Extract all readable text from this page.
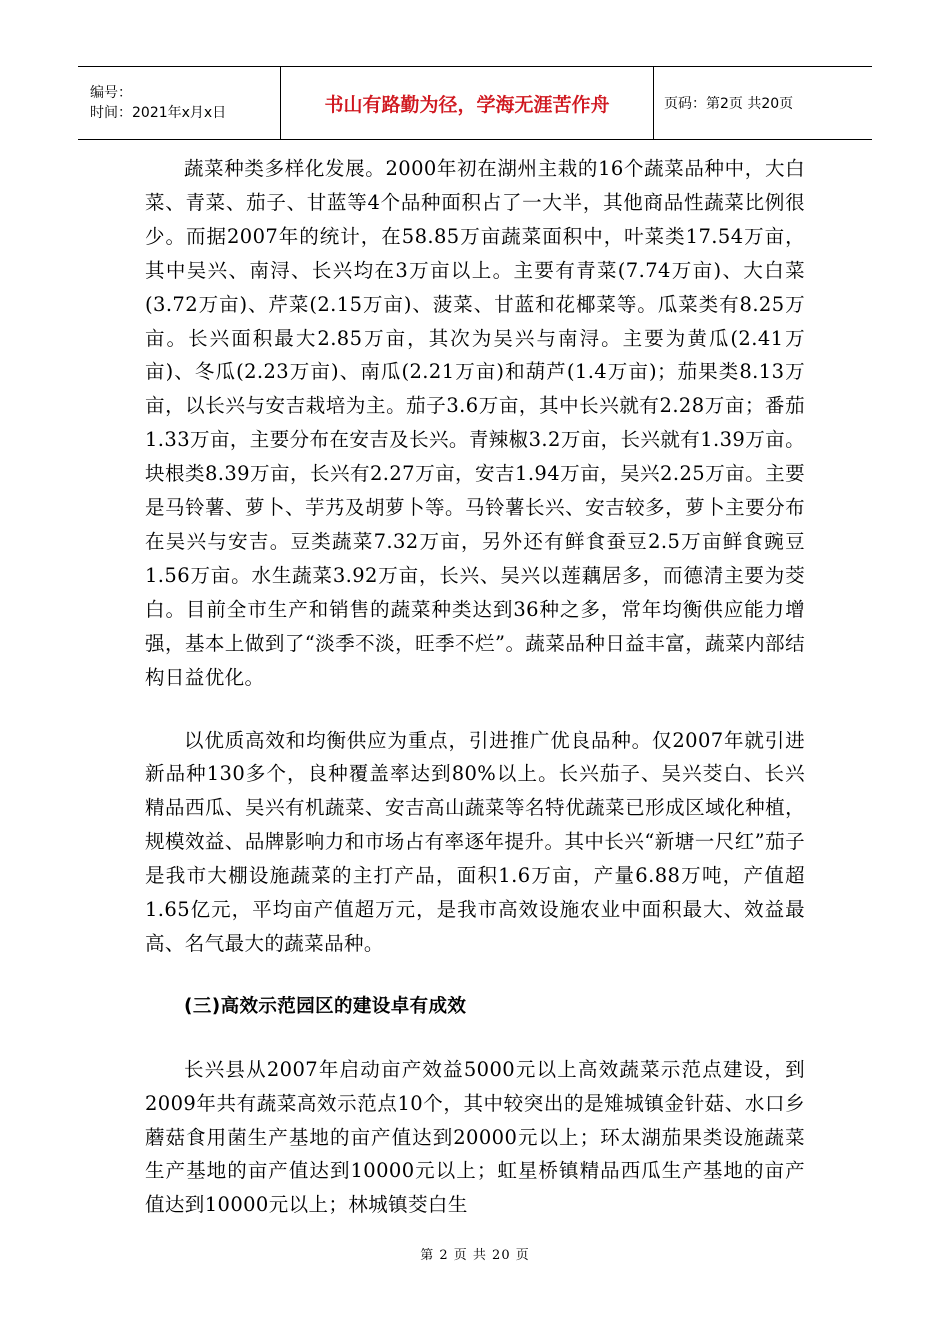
编号：
时间：2021年x月x日	书山有路勤为径，学海无涯苦作舟	页码：第2页 共20页

蔬菜种类多样化发展。2000年初在湖州主栽的16个蔬菜品种中，大白菜、青菜、茄子、甘蓝等4个品种面积占了一大半，其他商品性蔬菜比例很少。而据2007年的统计，在58.85万亩蔬菜面积中，叶菜类17.54万亩，其中吴兴、南浔、长兴均在3万亩以上。主要有青菜(7.74万亩)、大白菜(3.72万亩)、芹菜(2.15万亩)、菠菜、甘蓝和花椰菜等。瓜菜类有8.25万亩。长兴面积最大2.85万亩，其次为吴兴与南浔。主要为黄瓜(2.41万亩)、冬瓜(2.23万亩)、南瓜(2.21万亩)和葫芦(1.4万亩)；茄果类8.13万亩，以长兴与安吉栽培为主。茄子3.6万亩，其中长兴就有2.28万亩；番茄1.33万亩，主要分布在安吉及长兴。青辣椒3.2万亩，长兴就有1.39万亩。块根类8.39万亩，长兴有2.27万亩，安吉1.94万亩，吴兴2.25万亩。主要是马铃薯、萝卜、芋艿及胡萝卜等。马铃薯长兴、安吉较多，萝卜主要分布在吴兴与安吉。豆类蔬菜7.32万亩，另外还有鲜食蚕豆2.5万亩鲜食豌豆1.56万亩。水生蔬菜3.92万亩，长兴、吴兴以莲藕居多，而德清主要为茭白。目前全市生产和销售的蔬菜种类达到36种之多，常年均衡供应能力增强，基本上做到了“淡季不淡，旺季不烂”。蔬菜品种日益丰富，蔬菜内部结构日益优化。

以优质高效和均衡供应为重点，引进推广优良品种。仅2007年就引进新品种130多个，良种覆盖率达到80%以上。长兴茄子、吴兴茭白、长兴精品西瓜、吴兴有机蔬菜、安吉高山蔬菜等名特优蔬菜已形成区域化种植，规模效益、品牌影响力和市场占有率逐年提升。其中长兴“新塘一尺红”茄子是我市大棚设施蔬菜的主打产品，面积1.6万亩，产量6.88万吨，产值超1.65亿元，平均亩产值超万元，是我市高效设施农业中面积最大、效益最高、名气最大的蔬菜品种。

(三)高效示范园区的建设卓有成效

长兴县从2007年启动亩产效益5000元以上高效蔬菜示范点建设，到2009年共有蔬菜高效示范点10个，其中较突出的是雉城镇金针菇、水口乡蘑菇食用菌生产基地的亩产值达到20000元以上；环太湖茄果类设施蔬菜生产基地的亩产值达到10000元以上；虹星桥镇精品西瓜生产基地的亩产值达到10000元以上；林城镇茭白生

第 2 页 共 20 页
